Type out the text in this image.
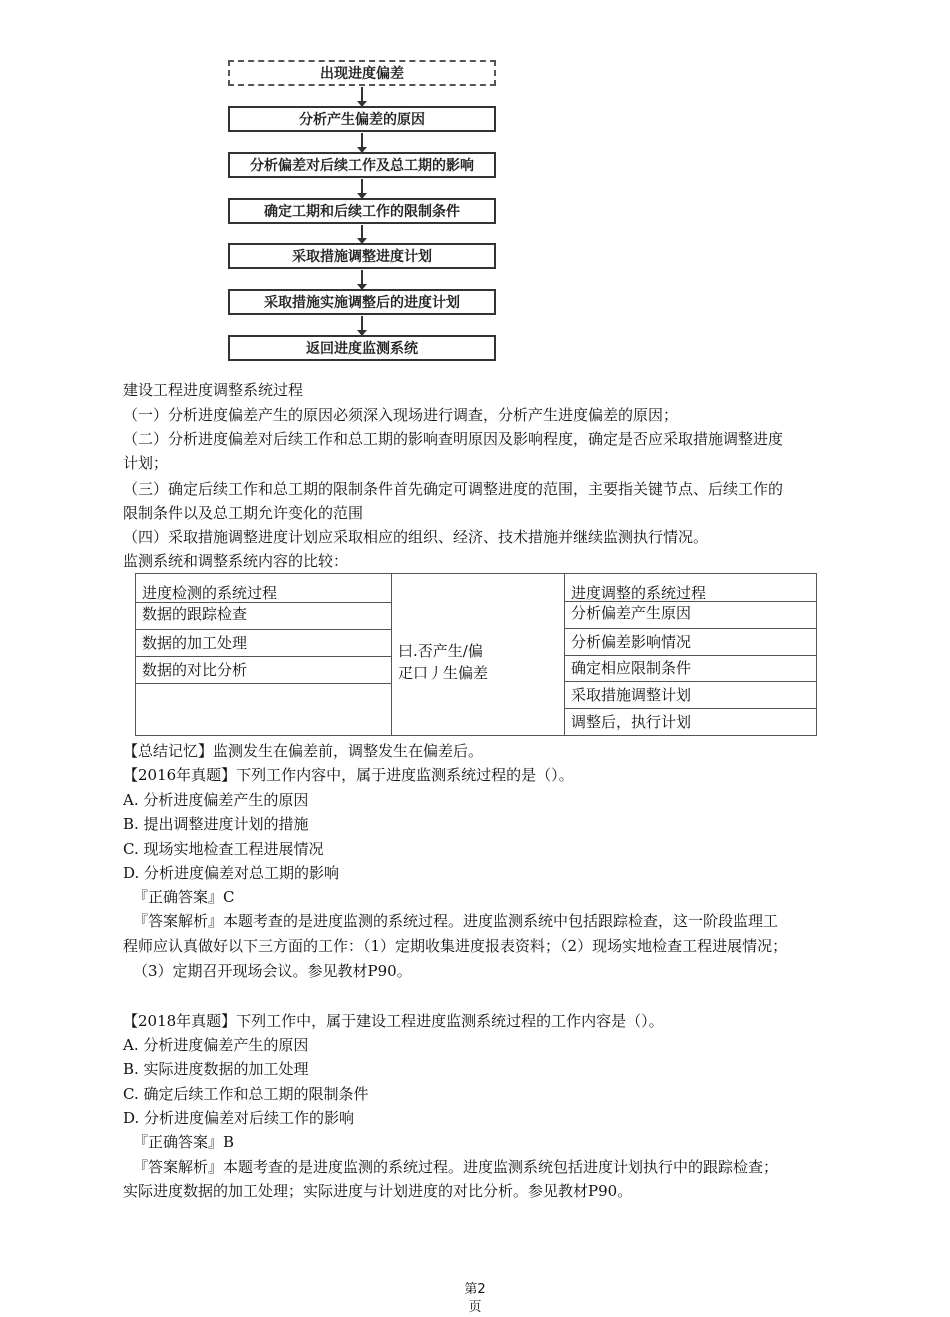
出现进度偏差
分析产生偏差的原因
分析偏差对后续工作及总工期的影响
确定工期和后续工作的限制条件
采取措施调整进度计划
采取措施实施调整后的进度计划
返回进度监测系统
建设工程进度调整系统过程
（一）分析进度偏差产生的原因必须深入现场进行调查，分析产生进度偏差的原因；
（二）分析进度偏差对后续工作和总工期的影响查明原因及影响程度，确定是否应采取措施调整进度
计划；
（三）确定后续工作和总工期的限制条件首先确定可调整进度的范围，主要指关键节点、后续工作的
限制条件以及总工期允许变化的范围
（四）采取措施调整进度计划应采取相应的组织、经济、技术措施并继续监测执行情况。
监测系统和调整系统内容的比较：
进度检测的系统过程
数据的跟踪检查
数据的加工处理
数据的对比分析
曰.否产生/偏
疋口丿生偏差
进度调整的系统过程
分析偏差产生原因
分析偏差影响情况
确定相应限制条件
采取措施调整计划
调整后，执行计划
【总结记忆】监测发生在偏差前，调整发生在偏差后。
【2016年真题】下列工作内容中，属于进度监测系统过程的是（）。
A. 分析进度偏差产生的原因
B. 提出调整进度计划的措施
C. 现场实地检查工程进展情况
D. 分析进度偏差对总工期的影响
『正确答案』C
『答案解析』本题考查的是进度监测的系统过程。进度监测系统中包括跟踪检查，这一阶段监理工
程师应认真做好以下三方面的工作：（1）定期收集进度报表资料；（2）现场实地检查工程进展情况；
（3）定期召开现场会议。参见教材P90。
【2018年真题】下列工作中，属于建设工程进度监测系统过程的工作内容是（）。
A. 分析进度偏差产生的原因
B. 实际进度数据的加工处理
C. 确定后续工作和总工期的限制条件
D. 分析进度偏差对后续工作的影响
『正确答案』B
『答案解析』本题考查的是进度监测的系统过程。进度监测系统包括进度计划执行中的跟踪检查；
实际进度数据的加工处理；实际进度与计划进度的对比分析。参见教材P90。
第2
页
